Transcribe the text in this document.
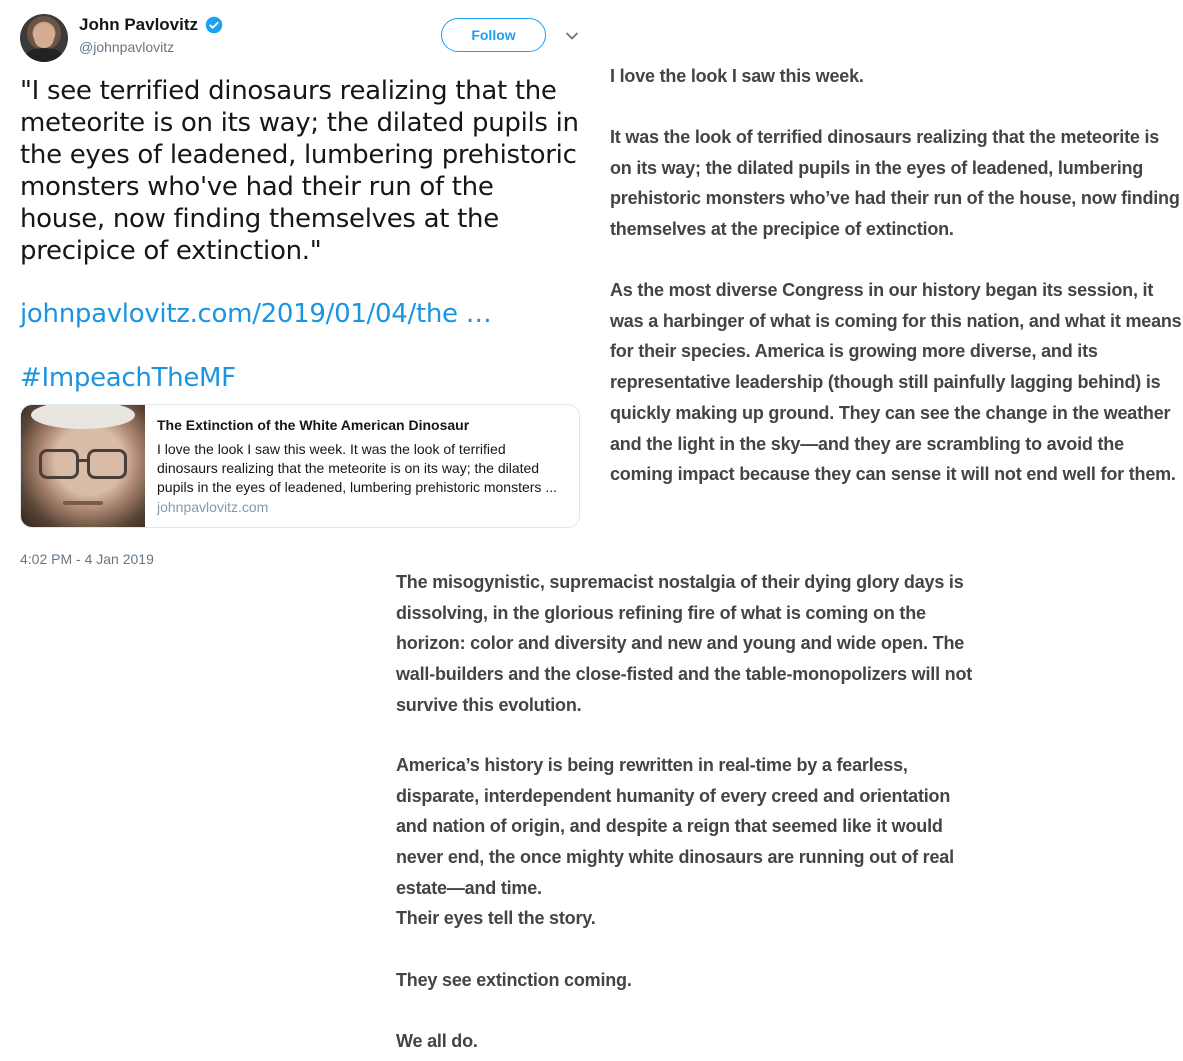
John Pavlovitz
@johnpavlovitz
Follow

"I see terrified dinosaurs realizing that the meteorite is on its way; the dilated pupils in the eyes of leadened, lumbering prehistoric monsters who've had their run of the house, now finding themselves at the precipice of extinction."

johnpavlovitz.com/2019/01/04/the …
#ImpeachTheMF
The Extinction of the White American Dinosaur
I love the look I saw this week. It was the look of terrified dinosaurs realizing that the meteorite is on its way; the dilated pupils in the eyes of leadened, lumbering prehistoric monsters ...
johnpavlovitz.com
4:02 PM - 4 Jan 2019

I love the look I saw this week.

It was the look of terrified dinosaurs realizing that the meteorite is on its way; the dilated pupils in the eyes of leadened, lumbering prehistoric monsters who’ve had their run of the house, now finding themselves at the precipice of extinction.

As the most diverse Congress in our history began its session, it was a harbinger of what is coming for this nation, and what it means for their species. America is growing more diverse, and its representative leadership (though still painfully lagging behind) is quickly making up ground. They can see the change in the weather and the light in the sky—and they are scrambling to avoid the coming impact because they can sense it will not end well for them.

The misogynistic, supremacist nostalgia of their dying glory days is dissolving, in the glorious refining fire of what is coming on the horizon: color and diversity and new and young and wide open. The wall-builders and the close-fisted and the table-monopolizers will not survive this evolution.

America’s history is being rewritten in real-time by a fearless, disparate, interdependent humanity of every creed and orientation and nation of origin, and despite a reign that seemed like it would never end, the once mighty white dinosaurs are running out of real estate—and time.

Their eyes tell the story.

They see extinction coming.

We all do.
